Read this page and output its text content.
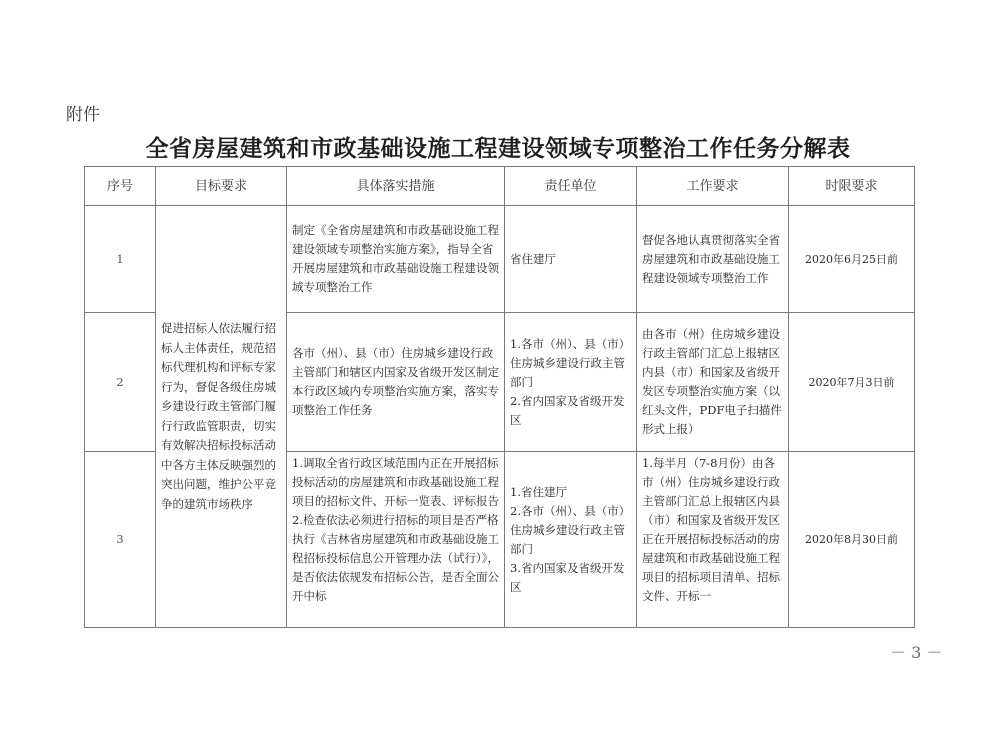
附件
全省房屋建筑和市政基础设施工程建设领域专项整治工作任务分解表
序号	目标要求	具体落实措施	责任单位	工作要求	时限要求
1	促进招标人依法履行招标人主体责任，规范招标代理机构和评标专家行为，督促各级住房城乡建设行政主管部门履行行政监管职责，切实有效解决招标投标活动中各方主体反映强烈的突出问题，维护公平竞争的建筑市场秩序	制定《全省房屋建筑和市政基础设施工程建设领域专项整治实施方案》，指导全省开展房屋建筑和市政基础设施工程建设领域专项整治工作	省住建厅	督促各地认真贯彻落实全省房屋建筑和市政基础设施工程建设领域专项整治工作	2020年6月25日前
2		各市（州）、县（市）住房城乡建设行政主管部门和辖区内国家及省级开发区制定本行政区域内专项整治实施方案，落实专项整治工作任务	1.各市（州）、县（市）住房城乡建设行政主管部门
2.省内国家及省级开发区	由各市（州）住房城乡建设行政主管部门汇总上报辖区内县（市）和国家及省级开发区专项整治实施方案（以红头文件，PDF电子扫描件形式上报）	2020年7月3日前
3		1.调取全省行政区域范围内正在开展招标投标活动的房屋建筑和市政基础设施工程项目的招标文件、开标一览表、评标报告
2.检查依法必须进行招标的项目是否严格执行《吉林省房屋建筑和市政基础设施工程招标投标信息公开管理办法（试行）》，是否依法依规发布招标公告，是否全面公开中标	1.省住建厅
2.各市（州）、县（市）住房城乡建设行政主管部门
3.省内国家及省级开发区	1.每半月（7-8月份）由各市（州）住房城乡建设行政主管部门汇总上报辖区内县（市）和国家及省级开发区正在开展招标投标活动的房屋建筑和市政基础设施工程项目的招标项目清单、招标文件、开标一	2020年8月30日前
－ 3 －
